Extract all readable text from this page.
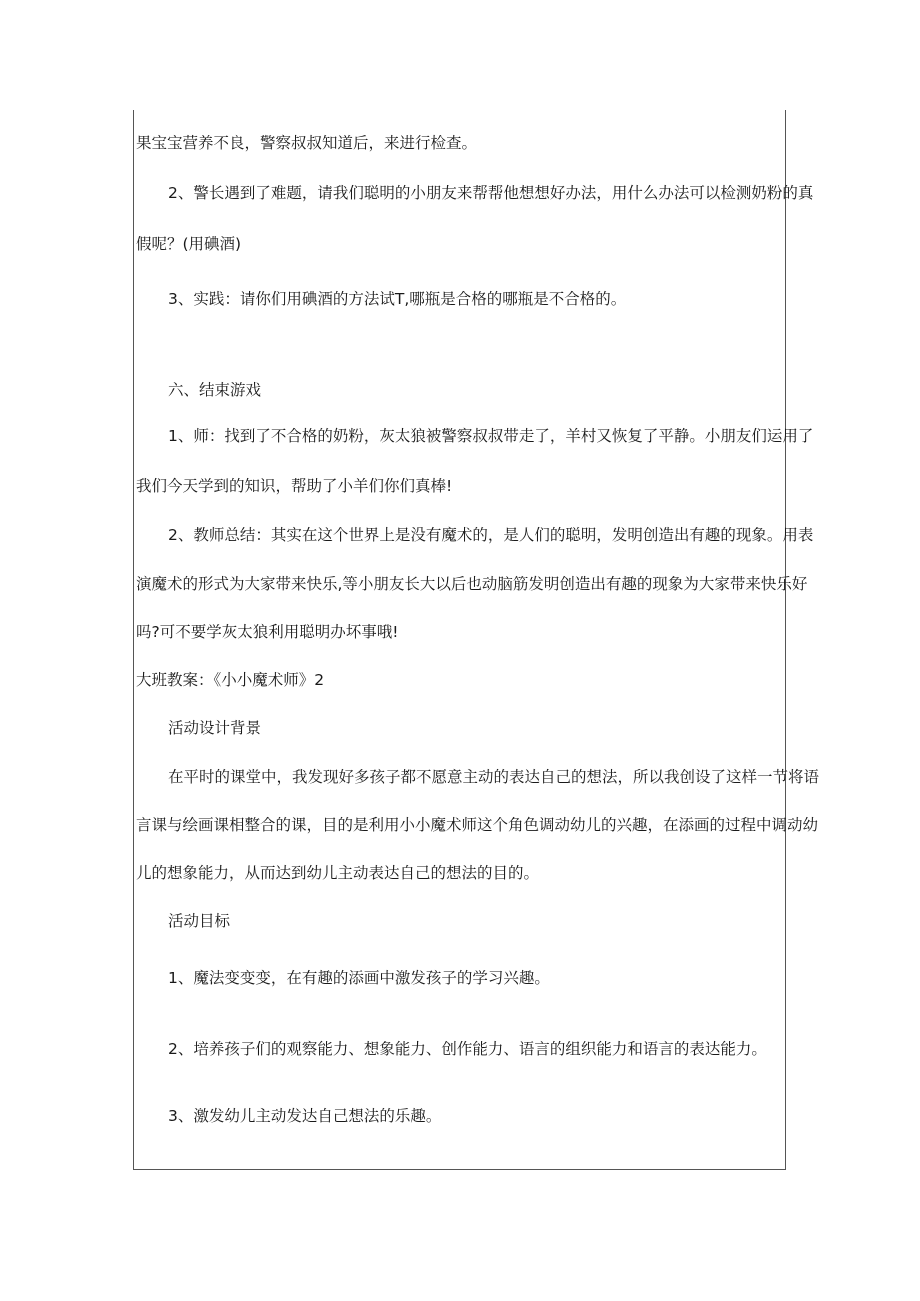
果宝宝营养不良，警察叔叔知道后，来进行检查。
2、警长遇到了难题，请我们聪明的小朋友来帮帮他想想好办法，用什么办法可以检测奶粉的真
假呢？(用碘酒)
3、实践：请你们用碘酒的方法试T,哪瓶是合格的哪瓶是不合格的。
六、结束游戏
1、师：找到了不合格的奶粉，灰太狼被警察叔叔带走了，羊村又恢复了平静。小朋友们运用了
我们今天学到的知识，帮助了小羊们你们真棒!
2、教师总结：其实在这个世界上是没有魔术的，是人们的聪明，发明创造出有趣的现象。用表
演魔术的形式为大家带来快乐,等小朋友长大以后也动脑筋发明创造出有趣的现象为大家带来快乐好
吗?可不要学灰太狼利用聪明办坏事哦!
大班教案：《小小魔术师》2
活动设计背景
在平时的课堂中，我发现好多孩子都不愿意主动的表达自己的想法，所以我创设了这样一节将语
言课与绘画课相整合的课，目的是利用小小魔术师这个角色调动幼儿的兴趣，在添画的过程中调动幼
儿的想象能力，从而达到幼儿主动表达自己的想法的目的。
活动目标
1、魔法变变变，在有趣的添画中激发孩子的学习兴趣。
2、培养孩子们的观察能力、想象能力、创作能力、语言的组织能力和语言的表达能力。
3、激发幼儿主动发达自己想法的乐趣。
